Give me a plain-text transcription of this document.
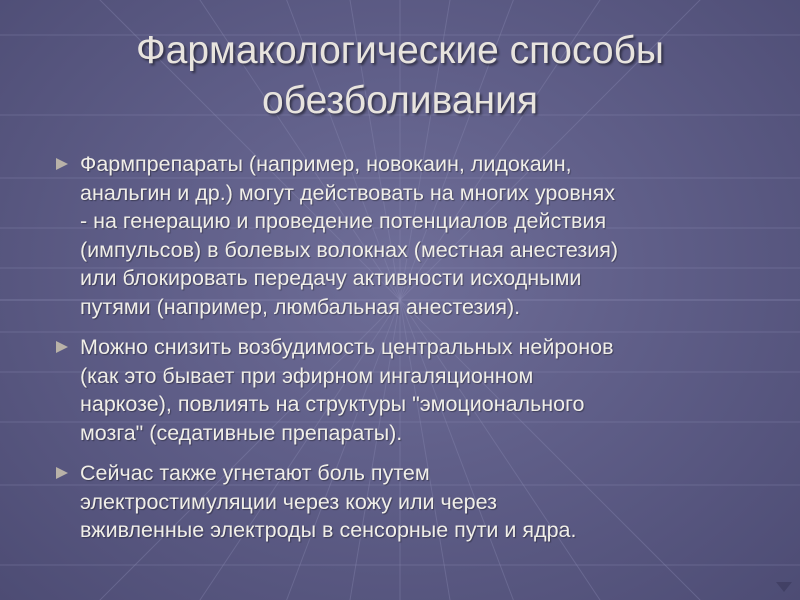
Фармакологические способы
обезболивания
Фармпрепараты (например, новокаин, лидокаин,
анальгин и др.) могут действовать на многих уровнях
- на генерацию и проведение потенциалов действия
(импульсов) в болевых волокнах (местная анестезия)
или блокировать передачу активности исходными
путями (например, люмбальная анестезия).
Можно снизить возбудимость центральных нейронов
(как это бывает при эфирном ингаляционном
наркозе), повлиять на структуры "эмоционального
мозга" (седативные препараты).
Сейчас также угнетают боль путем
электростимуляции через кожу или через
вживленные электроды в сенсорные пути и ядра.
